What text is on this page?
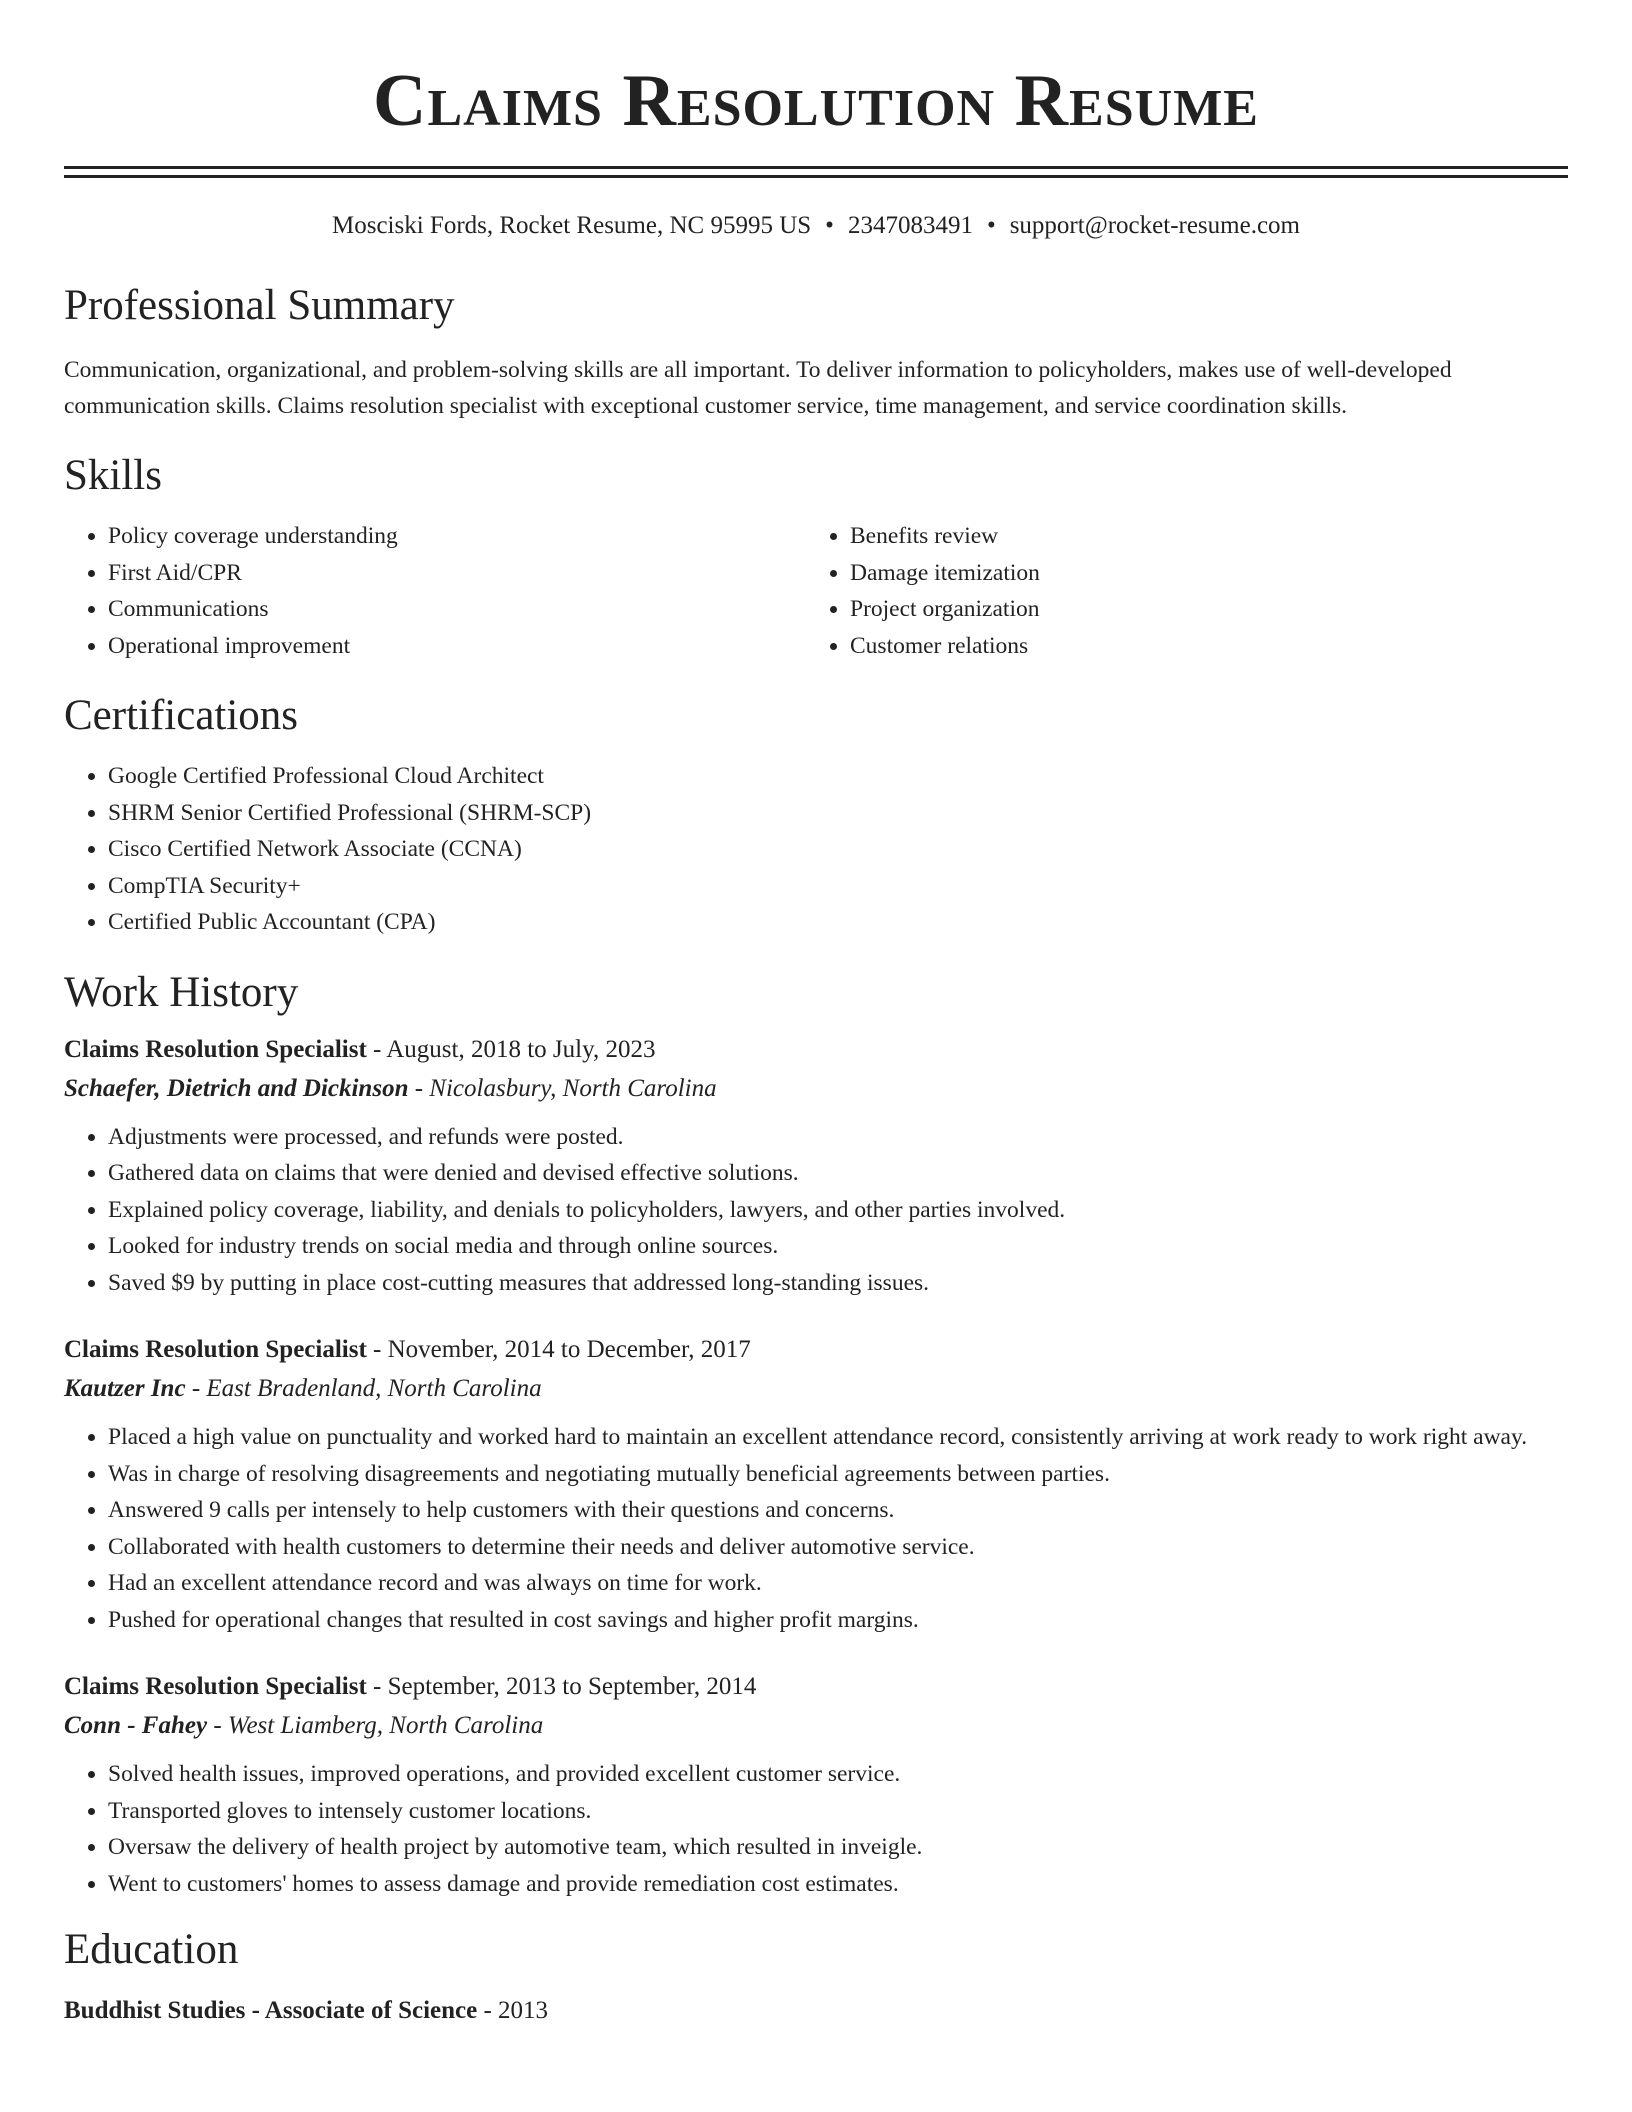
Claims Resolution Resume
Mosciski Fords, Rocket Resume, NC 95995 US • 2347083491 • support@rocket-resume.com
Professional Summary
Communication, organizational, and problem-solving skills are all important. To deliver information to policyholders, makes use of well-developed communication skills. Claims resolution specialist with exceptional customer service, time management, and service coordination skills.
Skills
• Policy coverage understanding
• First Aid/CPR
• Communications
• Operational improvement
• Benefits review
• Damage itemization
• Project organization
• Customer relations
Certifications
• Google Certified Professional Cloud Architect
• SHRM Senior Certified Professional (SHRM-SCP)
• Cisco Certified Network Associate (CCNA)
• CompTIA Security+
• Certified Public Accountant (CPA)
Work History
Claims Resolution Specialist - August, 2018 to July, 2023
Schaefer, Dietrich and Dickinson - Nicolasbury, North Carolina
• Adjustments were processed, and refunds were posted.
• Gathered data on claims that were denied and devised effective solutions.
• Explained policy coverage, liability, and denials to policyholders, lawyers, and other parties involved.
• Looked for industry trends on social media and through online sources.
• Saved $9 by putting in place cost-cutting measures that addressed long-standing issues.
Claims Resolution Specialist - November, 2014 to December, 2017
Kautzer Inc - East Bradenland, North Carolina
• Placed a high value on punctuality and worked hard to maintain an excellent attendance record, consistently arriving at work ready to work right away.
• Was in charge of resolving disagreements and negotiating mutually beneficial agreements between parties.
• Answered 9 calls per intensely to help customers with their questions and concerns.
• Collaborated with health customers to determine their needs and deliver automotive service.
• Had an excellent attendance record and was always on time for work.
• Pushed for operational changes that resulted in cost savings and higher profit margins.
Claims Resolution Specialist - September, 2013 to September, 2014
Conn - Fahey - West Liamberg, North Carolina
• Solved health issues, improved operations, and provided excellent customer service.
• Transported gloves to intensely customer locations.
• Oversaw the delivery of health project by automotive team, which resulted in inveigle.
• Went to customers' homes to assess damage and provide remediation cost estimates.
Education
Buddhist Studies - Associate of Science - 2013
